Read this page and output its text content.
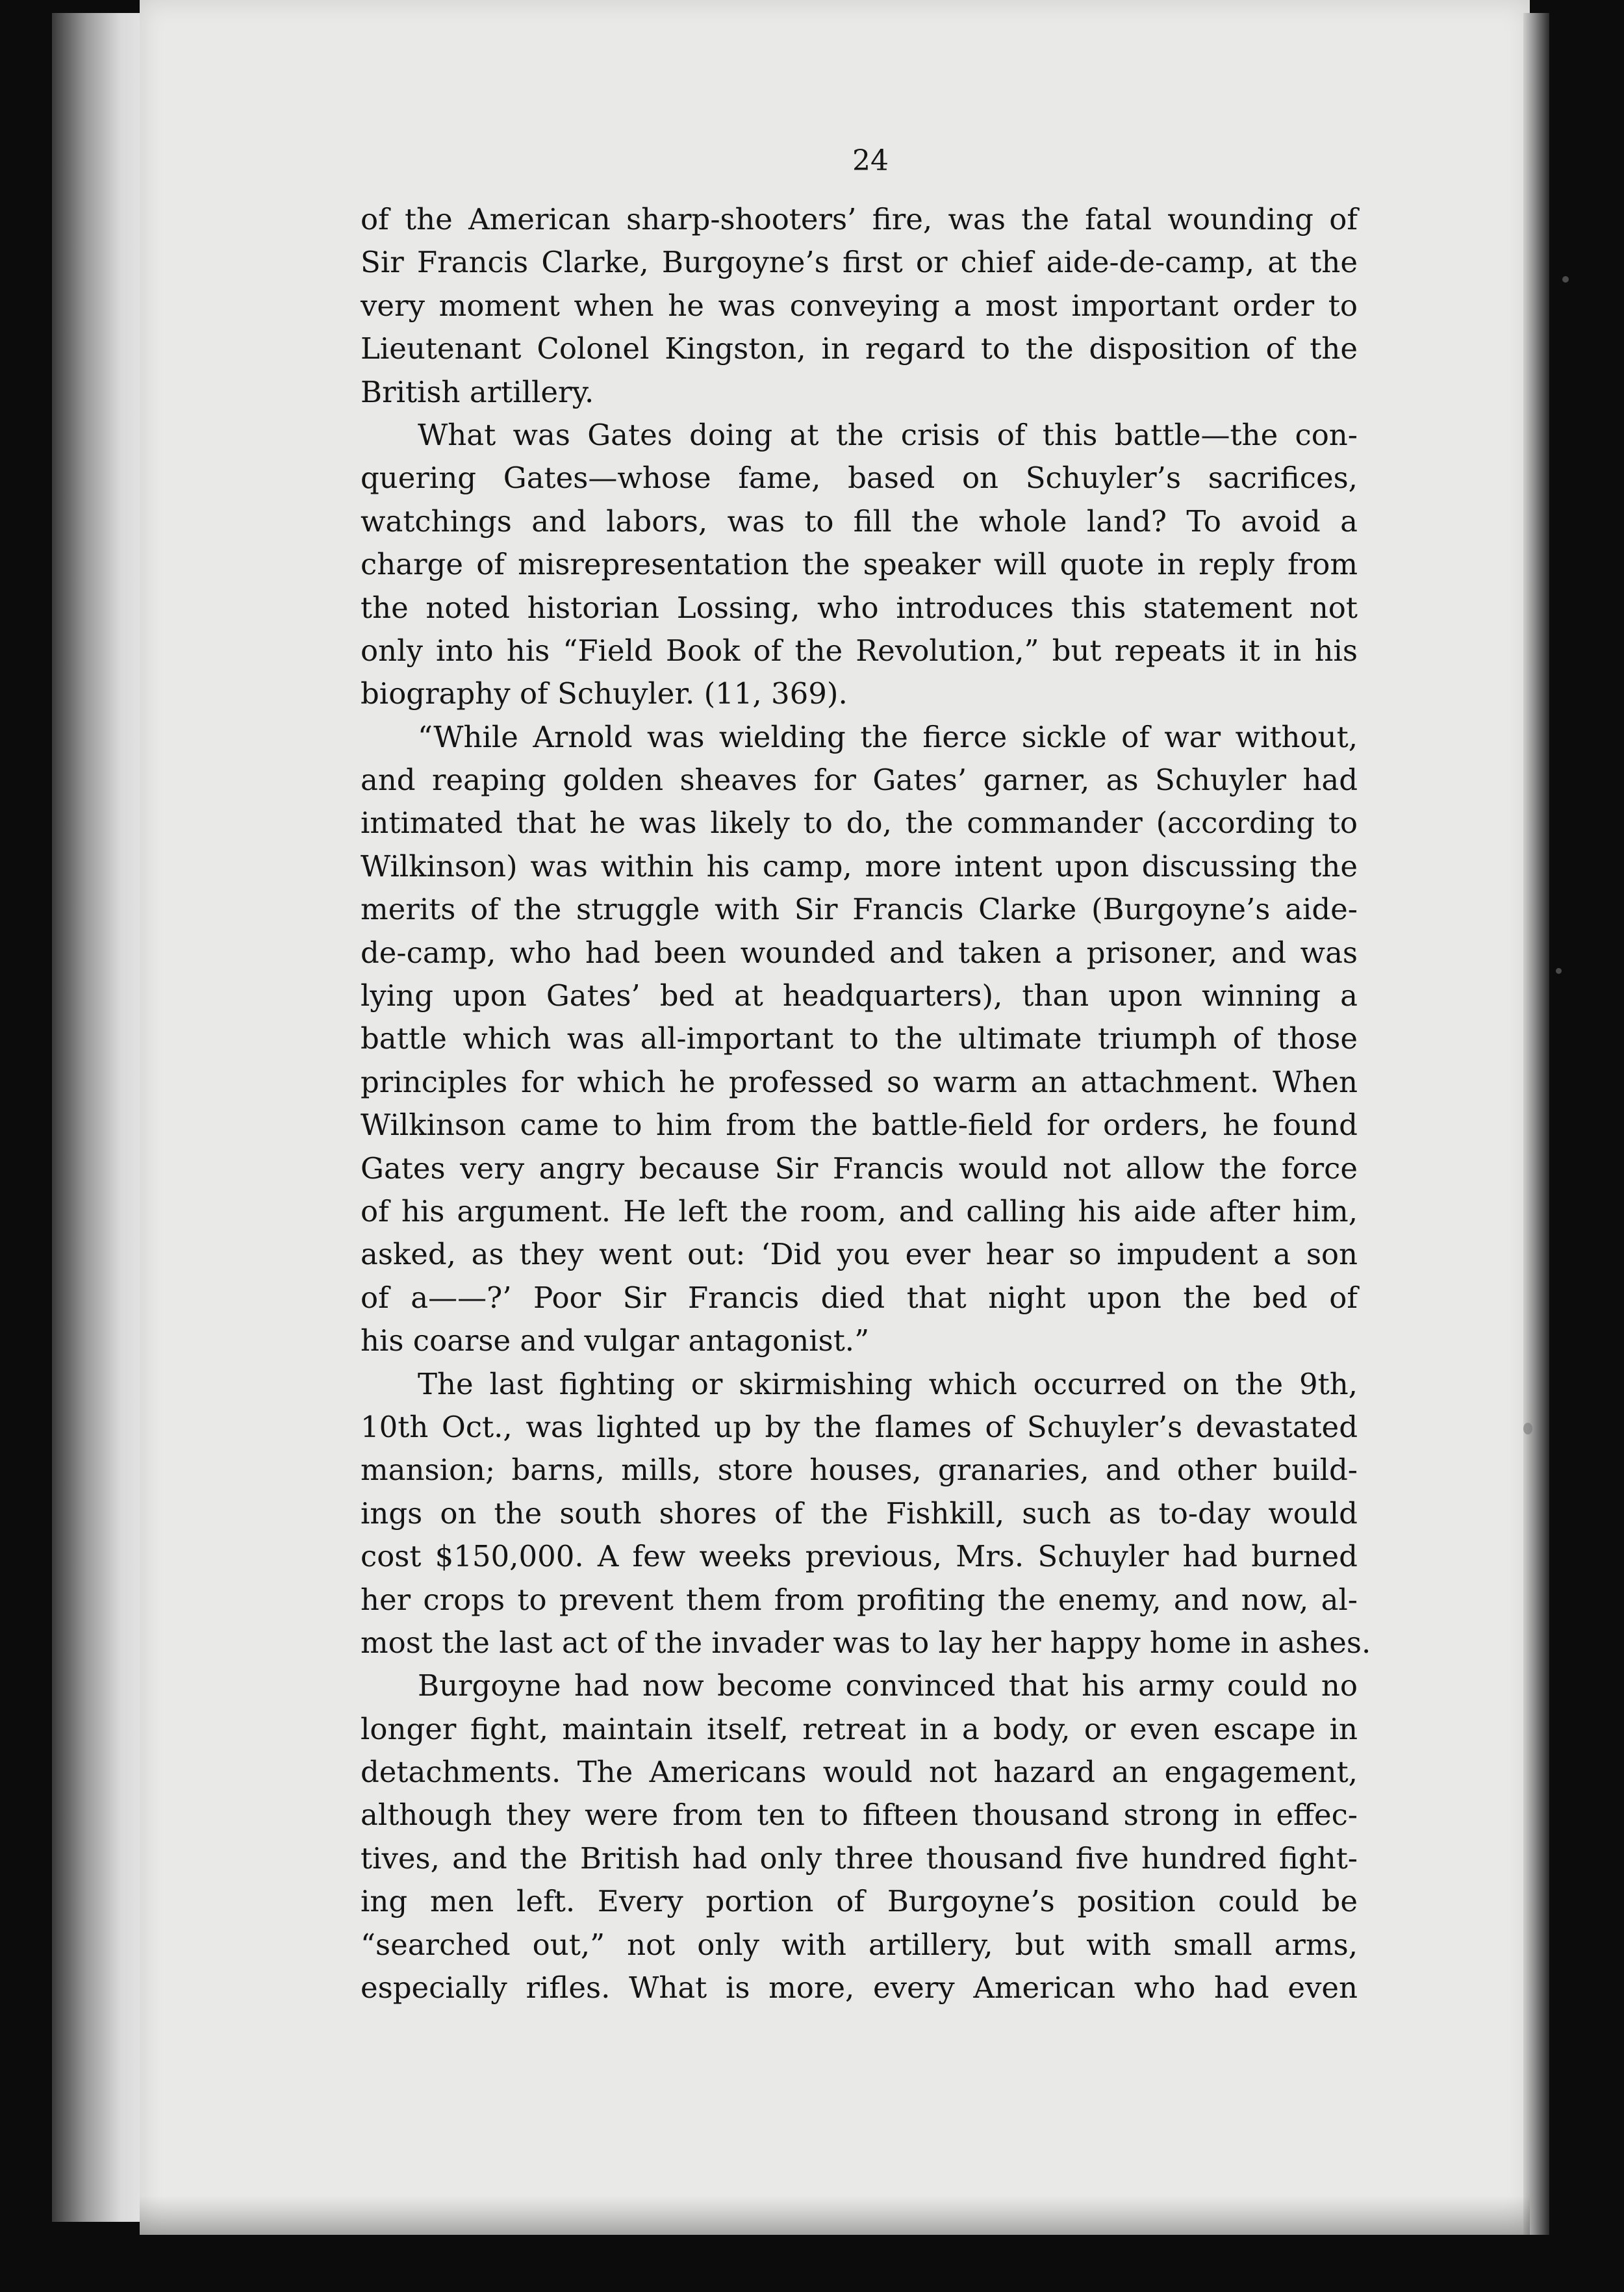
24
of the American sharp-shooters’ fire, was the fatal wounding of
Sir Francis Clarke, Burgoyne’s first or chief aide-de-camp, at the
very moment when he was conveying a most important order to
Lieutenant Colonel Kingston, in regard to the disposition of the
British artillery.
What was Gates doing at the crisis of this battle—the con-
quering Gates—whose fame, based on Schuyler’s sacrifices,
watchings and labors, was to fill the whole land? To avoid a
charge of misrepresentation the speaker will quote in reply from
the noted historian Lossing, who introduces this statement not
only into his “Field Book of the Revolution,” but repeats it in his
biography of Schuyler. (11, 369).
“While Arnold was wielding the fierce sickle of war without,
and reaping golden sheaves for Gates’ garner, as Schuyler had
intimated that he was likely to do, the commander (according to
Wilkinson) was within his camp, more intent upon discussing the
merits of the struggle with Sir Francis Clarke (Burgoyne’s aide-
de-camp, who had been wounded and taken a prisoner, and was
lying upon Gates’ bed at headquarters), than upon winning a
battle which was all-important to the ultimate triumph of those
principles for which he professed so warm an attachment. When
Wilkinson came to him from the battle-field for orders, he found
Gates very angry because Sir Francis would not allow the force
of his argument. He left the room, and calling his aide after him,
asked, as they went out: ‘Did you ever hear so impudent a son
of a——?’ Poor Sir Francis died that night upon the bed of
his coarse and vulgar antagonist.”
The last fighting or skirmishing which occurred on the 9th,
10th Oct., was lighted up by the flames of Schuyler’s devastated
mansion; barns, mills, store houses, granaries, and other build-
ings on the south shores of the Fishkill, such as to-day would
cost $150,000. A few weeks previous, Mrs. Schuyler had burned
her crops to prevent them from profiting the enemy, and now, al-
most the last act of the invader was to lay her happy home in ashes.
Burgoyne had now become convinced that his army could no
longer fight, maintain itself, retreat in a body, or even escape in
detachments. The Americans would not hazard an engagement,
although they were from ten to fifteen thousand strong in effec-
tives, and the British had only three thousand five hundred fight-
ing men left. Every portion of Burgoyne’s position could be
“searched out,” not only with artillery, but with small arms,
especially rifles. What is more, every American who had even
